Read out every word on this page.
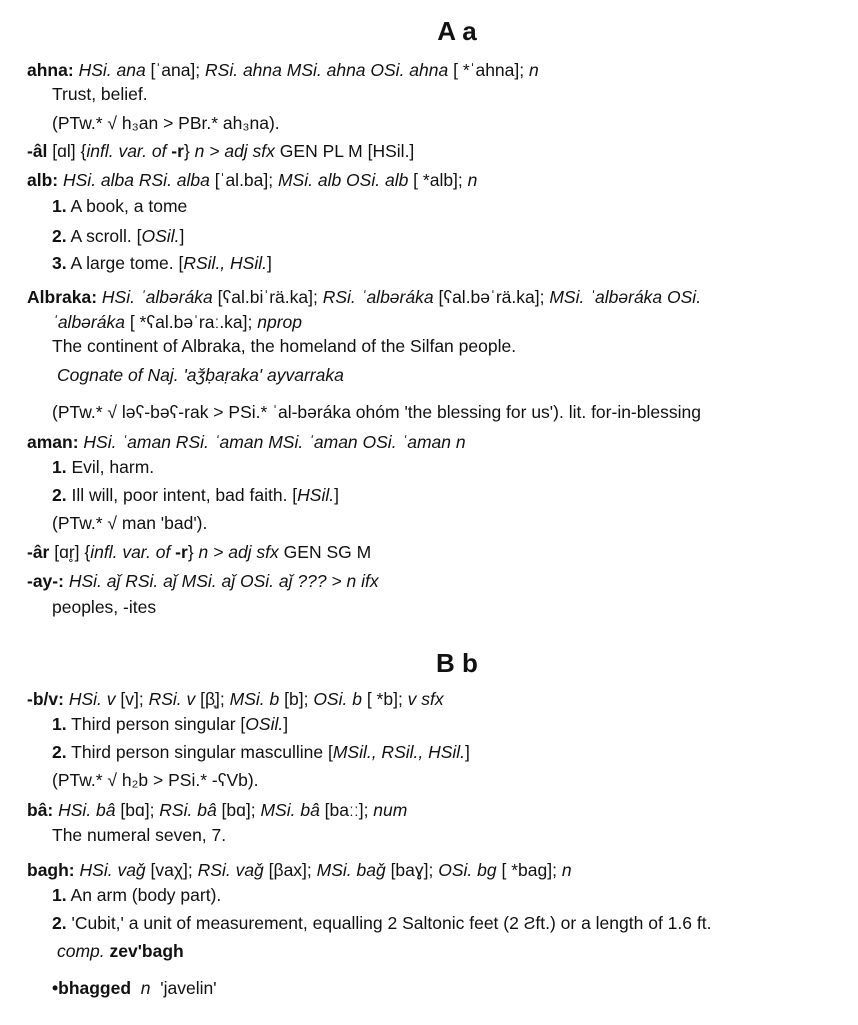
A a
ahna: HSi. ana [ˈana]; RSi. ahna MSi. ahna OSi. ahna [ *ˈahna]; n
Trust, belief.
(PTw.* √ h₃an > PBr.* ah₃na).
-âl [ɑl] {infl. var. of -r} n > adj sfx GEN PL M [HSil.]
alb: HSi. alba RSi. alba [ˈal.ba]; MSi. alb OSi. alb [ *alb]; n
1. A book, a tome
2. A scroll. [OSil.]
3. A large tome. [RSil., HSil.]
Albraka: HSi. ˈalbəráka [ʕal.biˈrä.ka]; RSi. ˈalbəráka [ʕal.bəˈrä.ka]; MSi. ˈalbəráka OSi.
ˈalbəráka [ *ʕal.bəˈraː.ka]; nprop
The continent of Albraka, the homeland of the Silfan people.
Cognate of Naj. 'aǯḅaṛaka' ayvarraka
(PTw.* √ ləʕ-bəʕ-rak > PSi.* ˈal-bəráka ohóm 'the blessing for us'). lit. for-in-blessing
aman: HSi. ˈaman RSi. ˈaman MSi. ˈaman OSi. ˈaman n
1. Evil, harm.
2. Ill will, poor intent, bad faith. [HSil.]
(PTw.* √ man 'bad').
-âr [ɑr̥] {infl. var. of -r} n > adj sfx GEN SG M
-ay-: HSi. aǰ RSi. aǰ MSi. aǰ OSi. aǰ ??? > n ifx
peoples, -ites
B b
-b/v: HSi. v [v]; RSi. v [β̞]; MSi. b [b]; OSi. b [ *b]; v sfx
1. Third person singular [OSil.]
2. Third person singular masculline [MSil., RSil., HSil.]
(PTw.* √ h₂b > PSi.* -ʕVb).
bâ: HSi. bâ [bɑ]; RSi. bâ [bɑ]; MSi. bâ [baːː]; num
The numeral seven, 7.
bagh: HSi. vaǧ [vaχ]; RSi. vaǧ [βax]; MSi. baǧ [baɣ]; OSi. bg [ *bag]; n
1. An arm (body part).
2. 'Cubit,' a unit of measurement, equalling 2 Saltonic feet (2 Ƨft.) or a length of 1.6 ft.
comp. zev'bagh
•bhagged n 'javelin'
